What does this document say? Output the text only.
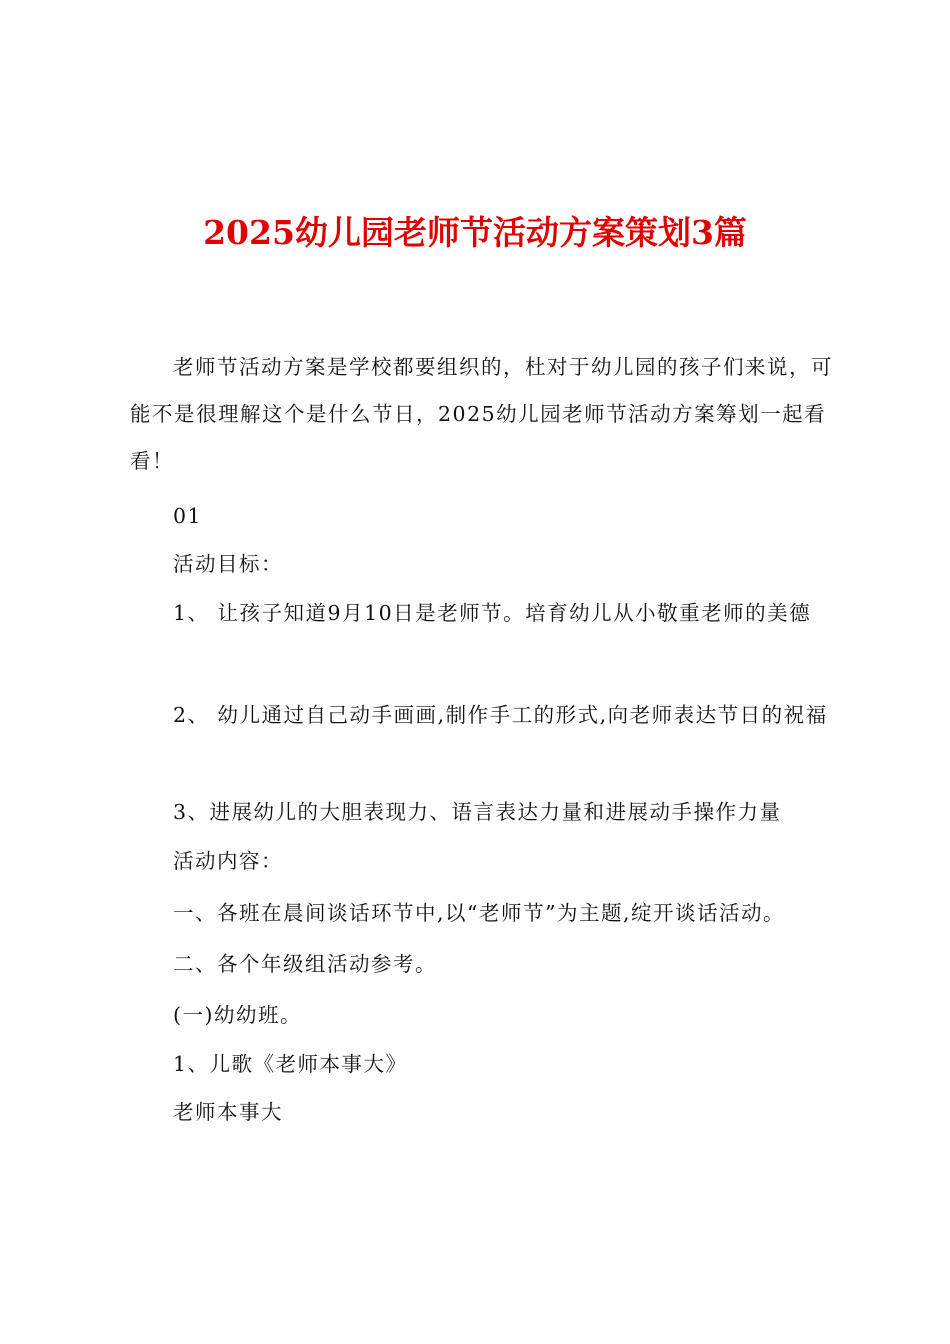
2025幼儿园老师节活动方案策划3篇

老师节活动方案是学校都要组织的，杜对于幼儿园的孩子们来说，可能不是很理解这个是什么节日，2025幼儿园老师节活动方案筹划一起看看！

01

活动目标：

1、 让孩子知道9月10日是老师节。培育幼儿从小敬重老师的美德

2、 幼儿通过自己动手画画,制作手工的形式,向老师表达节日的祝福

3、进展幼儿的大胆表现力、语言表达力量和进展动手操作力量

活动内容：

一、各班在晨间谈话环节中,以“老师节”为主题,绽开谈话活动。

二、各个年级组活动参考。

(一)幼幼班。

1、儿歌《老师本事大》

老师本事大
